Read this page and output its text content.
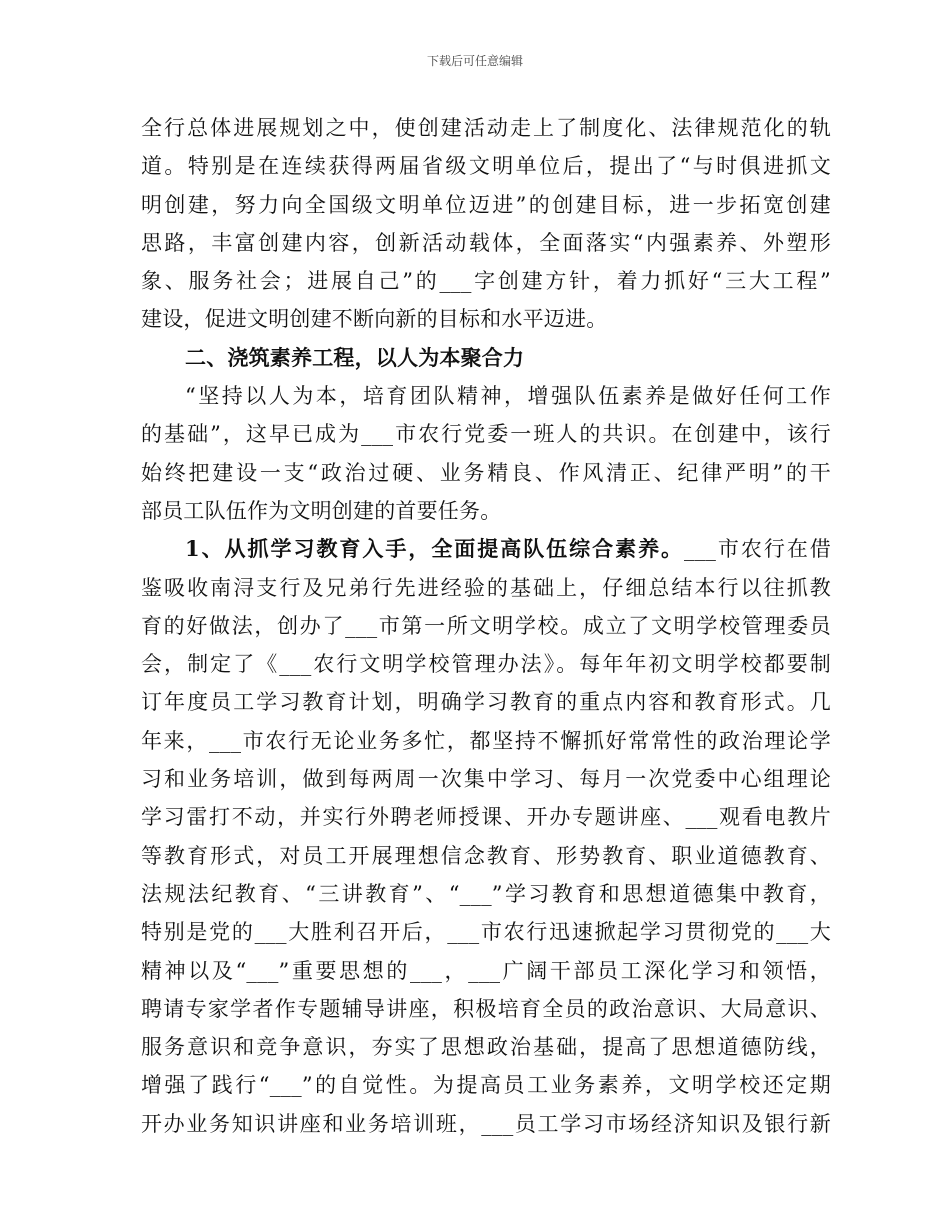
下载后可任意编辑
全行总体进展规划之中，使创建活动走上了制度化、法律规范化的轨
道。特别是在连续获得两届省级文明单位后，提出了“与时俱进抓文
明创建，努力向全国级文明单位迈进”的创建目标，进一步拓宽创建
思路，丰富创建内容，创新活动载体，全面落实“内强素养、外塑形
象、服务社会；进展自己”的___字创建方针，着力抓好“三大工程”
建设，促进文明创建不断向新的目标和水平迈进。
二、浇筑素养工程，以人为本聚合力
“坚持以人为本，培育团队精神，增强队伍素养是做好任何工作
的基础”，这早已成为___市农行党委一班人的共识。在创建中，该行
始终把建设一支“政治过硬、业务精良、作风清正、纪律严明”的干
部员工队伍作为文明创建的首要任务。
1、从抓学习教育入手，全面提高队伍综合素养。___市农行在借
鉴吸收南浔支行及兄弟行先进经验的基础上，仔细总结本行以往抓教
育的好做法，创办了___市第一所文明学校。成立了文明学校管理委员
会，制定了《___农行文明学校管理办法》。每年年初文明学校都要制
订年度员工学习教育计划，明确学习教育的重点内容和教育形式。几
年来，___市农行无论业务多忙，都坚持不懈抓好常常性的政治理论学
习和业务培训，做到每两周一次集中学习、每月一次党委中心组理论
学习雷打不动，并实行外聘老师授课、开办专题讲座、___观看电教片
等教育形式，对员工开展理想信念教育、形势教育、职业道德教育、
法规法纪教育、“三讲教育”、“___”学习教育和思想道德集中教育，
特别是党的___大胜利召开后，___市农行迅速掀起学习贯彻党的___大
精神以及“___”重要思想的___，___广阔干部员工深化学习和领悟，
聘请专家学者作专题辅导讲座，积极培育全员的政治意识、大局意识、
服务意识和竞争意识，夯实了思想政治基础，提高了思想道德防线，
增强了践行“___”的自觉性。为提高员工业务素养，文明学校还定期
开办业务知识讲座和业务培训班，___员工学习市场经济知识及银行新
